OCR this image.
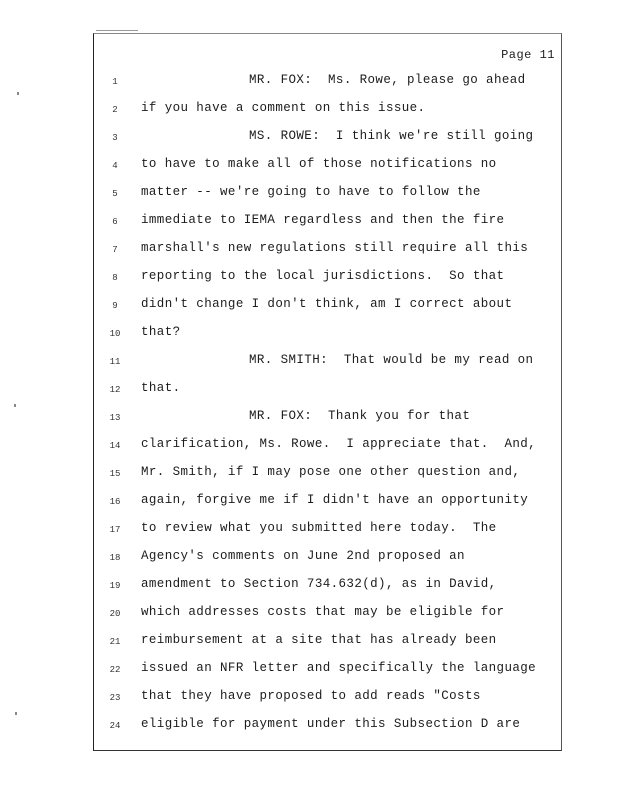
Page 11
1	MR. FOX:  Ms. Rowe, please go ahead
2	if you have a comment on this issue.
3	MS. ROWE:  I think we're still going
4	to have to make all of those notifications no
5	matter -- we're going to have to follow the
6	immediate to IEMA regardless and then the fire
7	marshall's new regulations still require all this
8	reporting to the local jurisdictions.  So that
9	didn't change I don't think, am I correct about
10	that?
11	MR. SMITH:  That would be my read on
12	that.
13	MR. FOX:  Thank you for that
14	clarification, Ms. Rowe.  I appreciate that.  And,
15	Mr. Smith, if I may pose one other question and,
16	again, forgive me if I didn't have an opportunity
17	to review what you submitted here today.  The
18	Agency's comments on June 2nd proposed an
19	amendment to Section 734.632(d), as in David,
20	which addresses costs that may be eligible for
21	reimbursement at a site that has already been
22	issued an NFR letter and specifically the language
23	that they have proposed to add reads "Costs
24	eligible for payment under this Subsection D are
